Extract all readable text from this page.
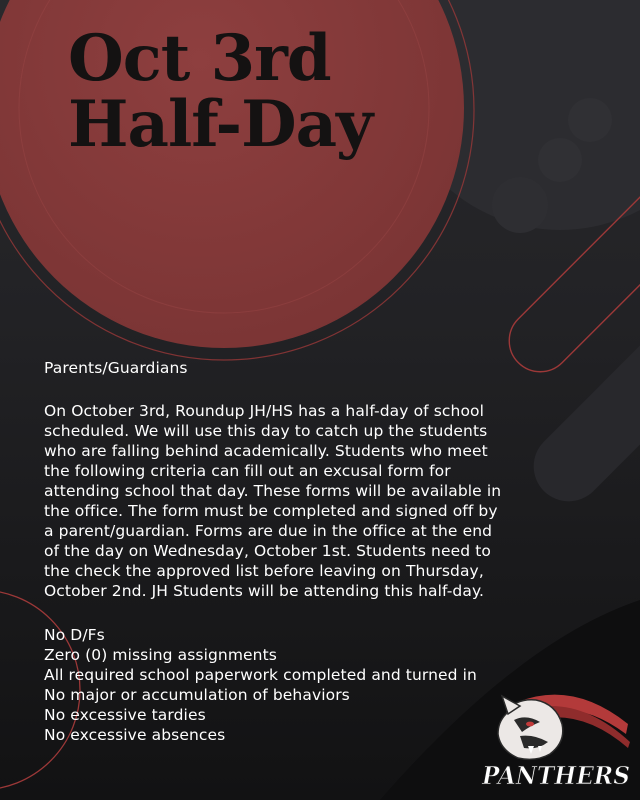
Oct 3rd
Half-Day
Parents/Guardians

On October 3rd, Roundup JH/HS has a half-day of school

scheduled. We will use this day to catch up the students

who are falling behind academically. Students who meet

the following criteria can fill out an excusal form for

attending school that day. These forms will be available in

the office. The form must be completed and signed off by

a parent/guardian. Forms are due in the office at the end

of the day on Wednesday, October 1st. Students need to

the check the approved list before leaving on Thursday,

October 2nd. JH Students will be attending this half-day.

No D/Fs
Zero (0) missing assignments
All required school paperwork completed and turned in
No major or accumulation of behaviors
No excessive tardies
No excessive absences
PANTHERS
